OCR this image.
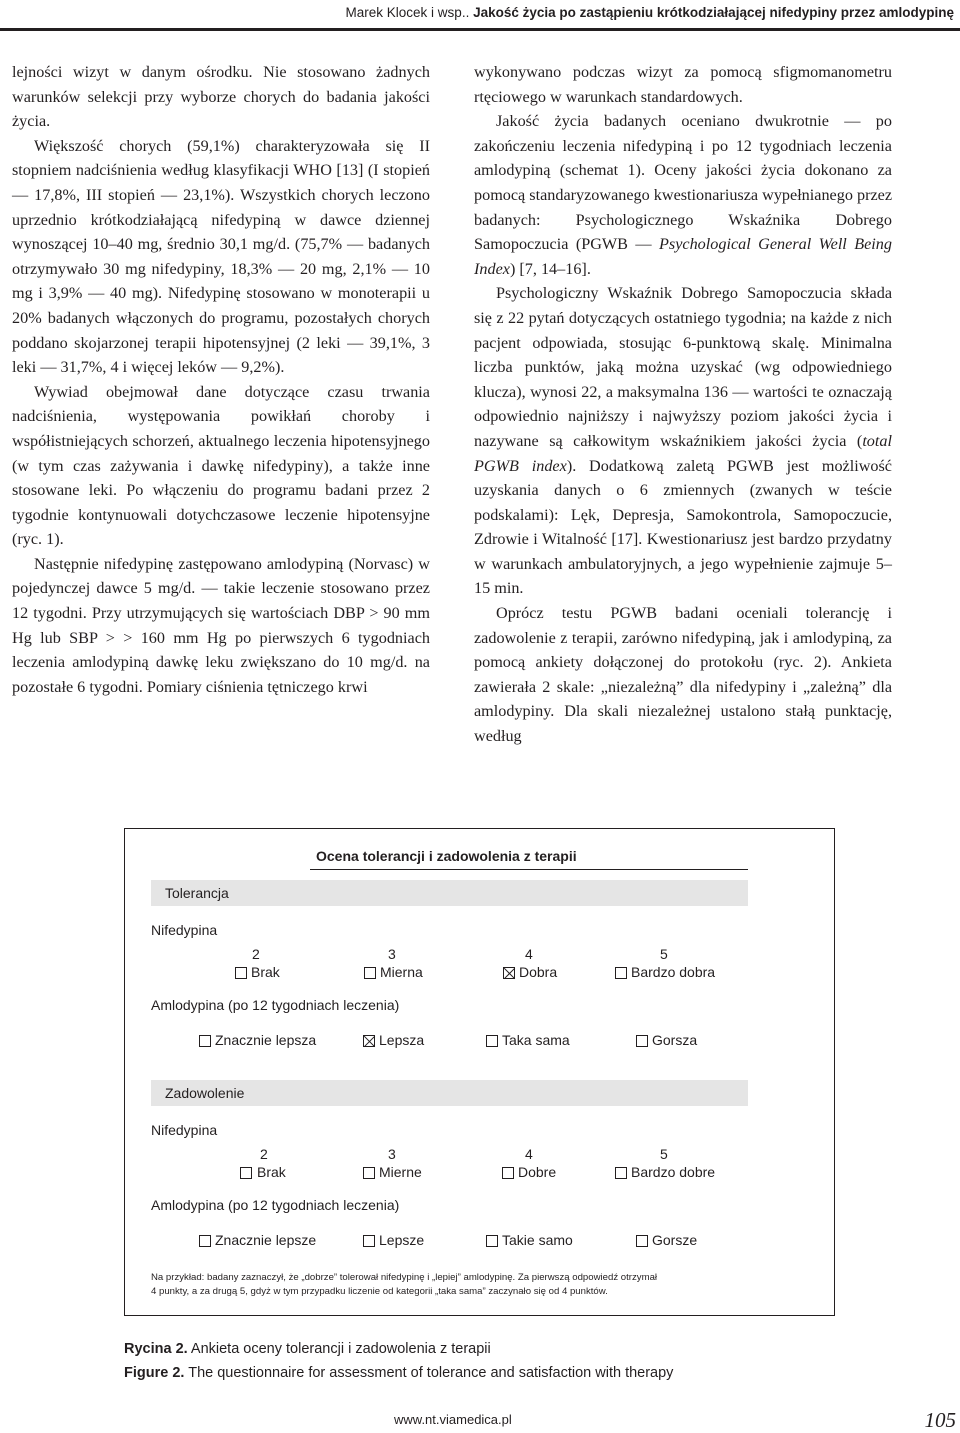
Marek Klocek i wsp.. Jakość życia po zastąpieniu krótkodziałającej nifedypiny przez amlodypinę

lejności wizyt w danym ośrodku. Nie stosowano żadnych warunków selekcji przy wyborze chorych do badania jakości życia.

Większość chorych (59,1%) charakteryzowała się II stopniem nadciśnienia według klasyfikacji WHO [13] (I stopień — 17,8%, III stopień — 23,1%). Wszystkich chorych leczono uprzednio krótkodziałającą nifedypiną w dawce dziennej wynoszącej 10–40 mg, średnio 30,1 mg/d. (75,7% — badanych otrzymywało 30 mg nifedypiny, 18,3% — 20 mg, 2,1% — 10 mg i 3,9% — 40 mg). Nifedypinę stosowano w monoterapii u 20% badanych włączonych do programu, pozostałych chorych poddano skojarzonej terapii hipotensyjnej (2 leki — 39,1%, 3 leki — 31,7%, 4 i więcej leków — 9,2%).

Wywiad obejmował dane dotyczące czasu trwania nadciśnienia, występowania powikłań choroby i współistniejących schorzeń, aktualnego leczenia hipotensyjnego (w tym czas zażywania i dawkę nifedypiny), a także inne stosowane leki. Po włączeniu do programu badani przez 2 tygodnie kontynuowali dotychczasowe leczenie hipotensyjne (ryc. 1).

Następnie nifedypinę zastępowano amlodypiną (Norvasc) w pojedynczej dawce 5 mg/d. — takie leczenie stosowano przez 12 tygodni. Przy utrzymujących się wartościach DBP > 90 mm Hg lub SBP > > 160 mm Hg po pierwszych 6 tygodniach leczenia amlodypiną dawkę leku zwiększano do 10 mg/d. na pozostałe 6 tygodni. Pomiary ciśnienia tętniczego krwi

wykonywano podczas wizyt za pomocą sfigmomanometru rtęciowego w warunkach standardowych.

Jakość życia badanych oceniano dwukrotnie — po zakończeniu leczenia nifedypiną i po 12 tygodniach leczenia amlodypiną (schemat 1). Oceny jakości życia dokonano za pomocą standaryzowanego kwestionariusza wypełnianego przez badanych: Psychologicznego Wskaźnika Dobrego Samopoczucia (PGWB — Psychological General Well Being Index) [7, 14–16].

Psychologiczny Wskaźnik Dobrego Samopoczucia składa się z 22 pytań dotyczących ostatniego tygodnia; na każde z nich pacjent odpowiada, stosując 6-punktową skalę. Minimalna liczba punktów, jaką można uzyskać (wg odpowiedniego klucza), wynosi 22, a maksymalna 136 — wartości te oznaczają odpowiednio najniższy i najwyższy poziom jakości życia i nazywane są całkowitym wskaźnikiem jakości życia (total PGWB index). Dodatkową zaletą PGWB jest możliwość uzyskania danych o 6 zmiennych (zwanych w teście podskalami): Lęk, Depresja, Samokontrola, Samopoczucie, Zdrowie i Witalność [17]. Kwestionariusz jest bardzo przydatny w warunkach ambulatoryjnych, a jego wypełnienie zajmuje 5–15 min.

Oprócz testu PGWB badani oceniali tolerancję i zadowolenie z terapii, zarówno nifedypiną, jak i amlodypiną, za pomocą ankiety dołączonej do protokołu (ryc. 2). Ankieta zawierała 2 skale: „niezależną” dla nifedypiny i „zależną” dla amlodypiny. Dla skali niezależnej ustalono stałą punktację, według

Ocena tolerancji i zadowolenia z terapii
Tolerancja
Nifedypina
2	3	4	5
Brak	Mierna	Dobra	Bardzo dobra
Amlodypina (po 12 tygodniach leczenia)
Znacznie lepsza	Lepsza	Taka sama	Gorsza
Zadowolenie
Nifedypina
2	3	4	5
Brak	Mierne	Dobre	Bardzo dobre
Amlodypina (po 12 tygodniach leczenia)
Znacznie lepsze	Lepsze	Takie samo	Gorsze
Na przykład: badany zaznaczył, że „dobrze” tolerował nifedypinę i „lepiej” amlodypinę. Za pierwszą odpowiedź otrzymał
4 punkty, a za drugą 5, gdyż w tym przypadku liczenie od kategorii „taka sama” zaczynało się od 4 punktów.
Rycina 2. Ankieta oceny tolerancji i zadowolenia z terapii
Figure 2. The questionnaire for assessment of tolerance and satisfaction with therapy
www.nt.viamedica.pl	105
